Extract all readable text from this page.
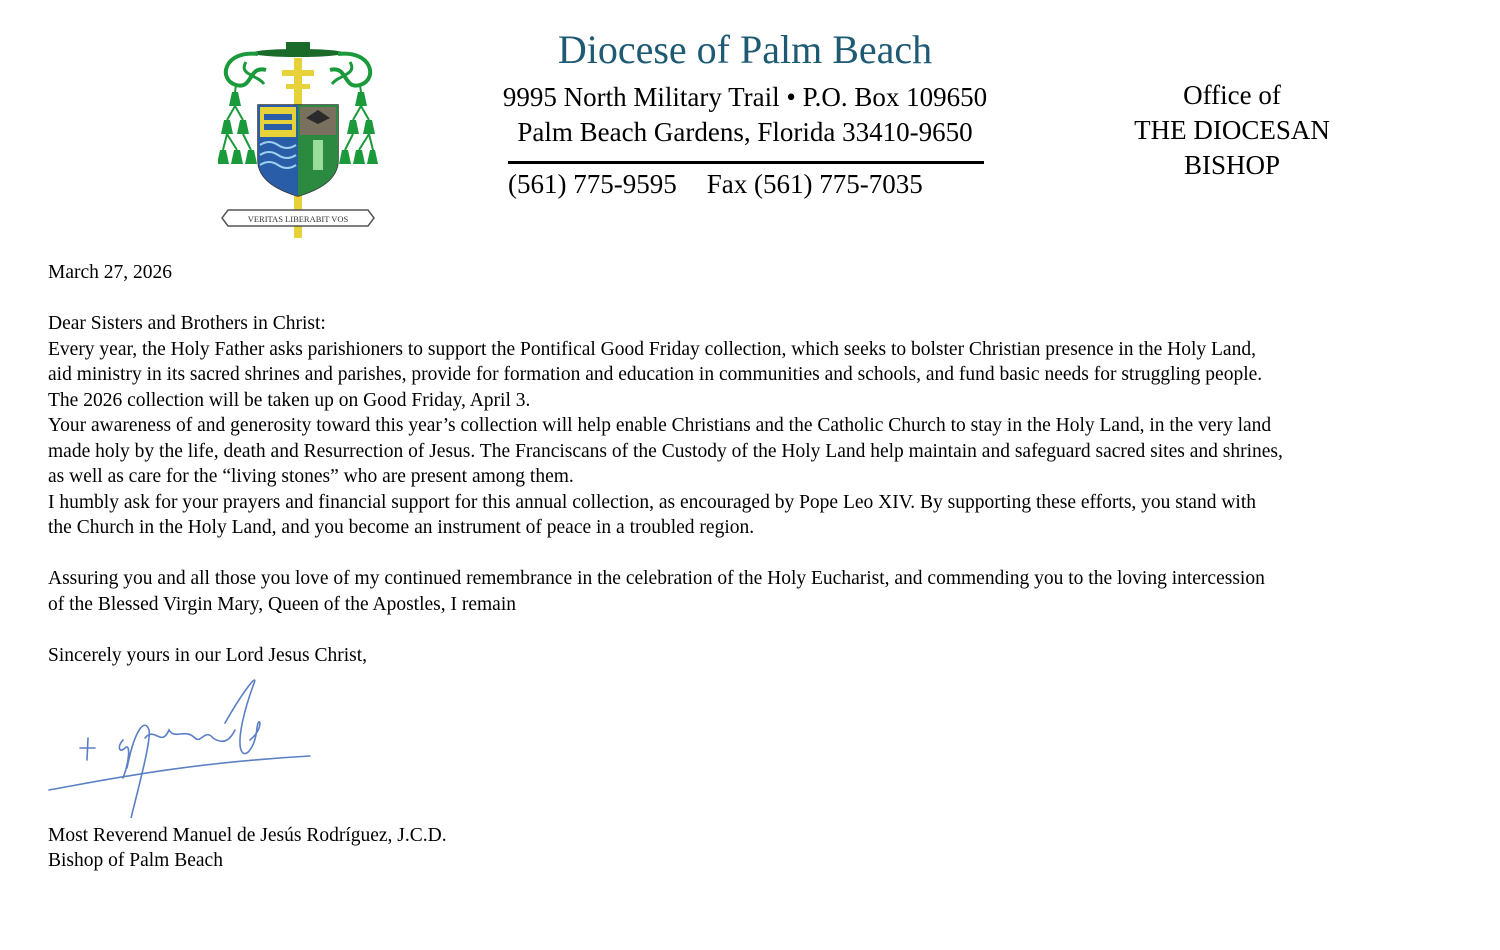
VERITAS LIBERABIT VOS
Diocese of Palm Beach
9995 North Military Trail • P.O. Box 109650
Palm Beach Gardens, Florida 33410-9650
(561) 775-9595 Fax (561) 775-7035
Office of
THE DIOCESAN
BISHOP
March 27, 2026
Dear Sisters and Brothers in Christ:
Every year, the Holy Father asks parishioners to support the Pontifical Good Friday collection, which seeks to bolster Christian presence in the Holy Land,
aid ministry in its sacred shrines and parishes, provide for formation and education in communities and schools, and fund basic needs for struggling people.
The 2026 collection will be taken up on Good Friday, April 3.
Your awareness of and generosity toward this year’s collection will help enable Christians and the Catholic Church to stay in the Holy Land, in the very land
made holy by the life, death and Resurrection of Jesus. The Franciscans of the Custody of the Holy Land help maintain and safeguard sacred sites and shrines,
as well as care for the “living stones” who are present among them.
I humbly ask for your prayers and financial support for this annual collection, as encouraged by Pope Leo XIV. By supporting these efforts, you stand with
the Church in the Holy Land, and you become an instrument of peace in a troubled region.
Assuring you and all those you love of my continued remembrance in the celebration of the Holy Eucharist, and commending you to the loving intercession
of the Blessed Virgin Mary, Queen of the Apostles, I remain
Sincerely yours in our Lord Jesus Christ,
Most Reverend Manuel de Jesús Rodríguez, J.C.D.
Bishop of Palm Beach
